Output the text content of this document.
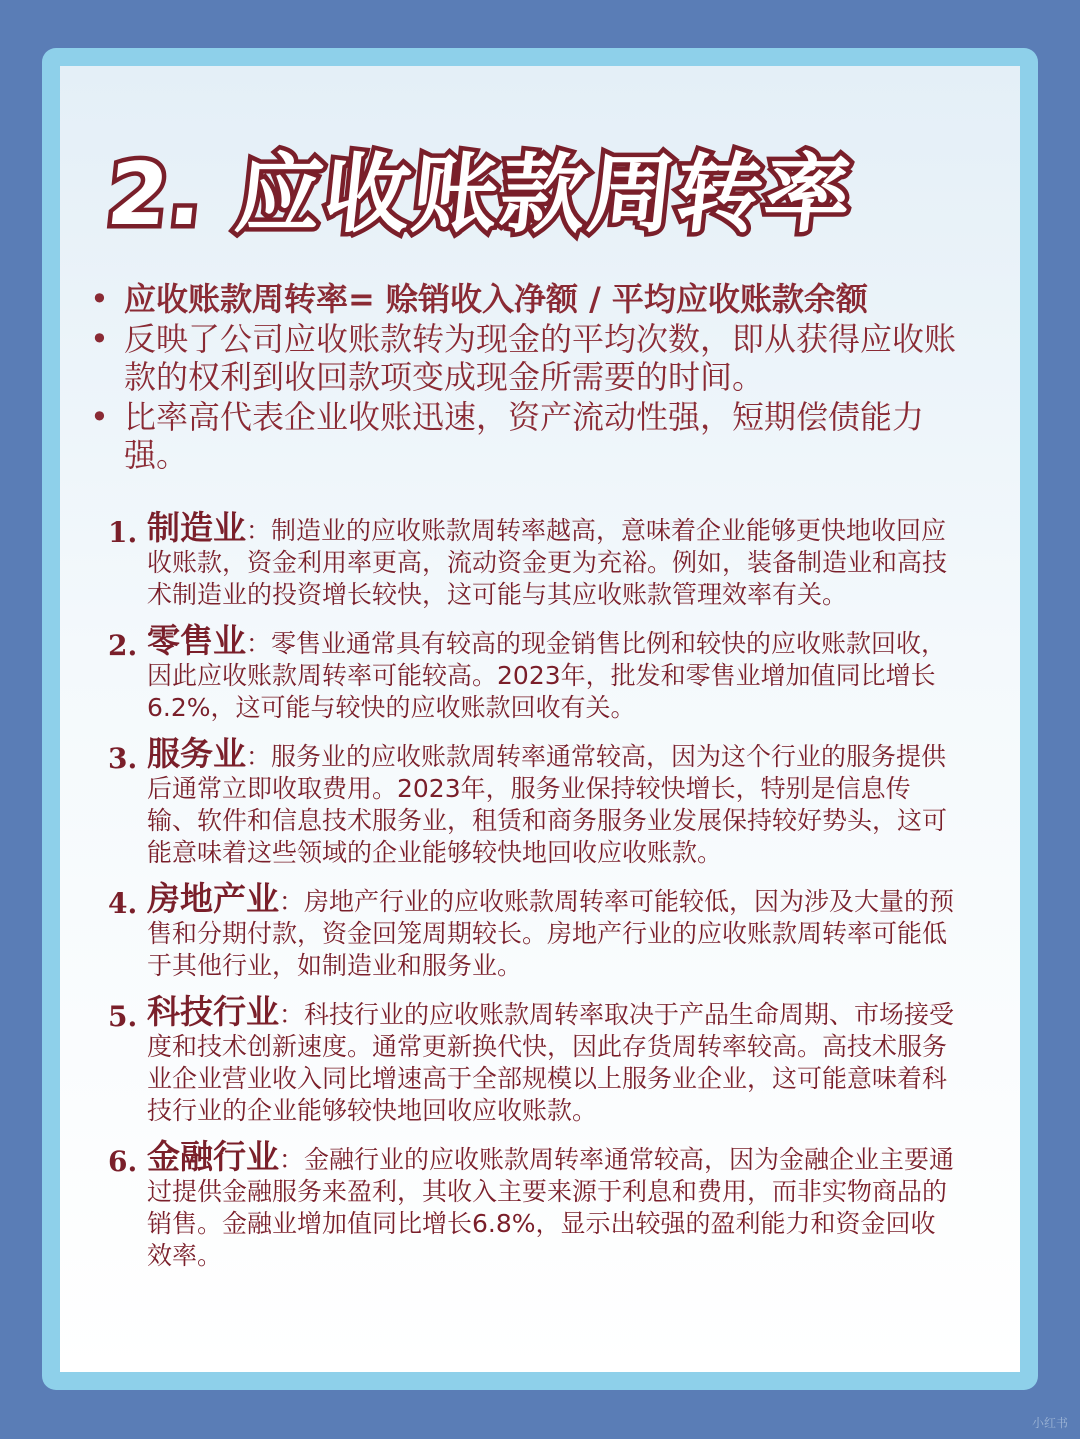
2. 应收账款周转率
• 应收账款周转率= 赊销收入净额 / 平均应收账款余额
• 反映了公司应收账款转为现金的平均次数，即从获得应收账款的权利到收回款项变成现金所需要的时间。
• 比率高代表企业收账迅速，资产流动性强，短期偿债能力强。
1. 制造业：制造业的应收账款周转率越高，意味着企业能够更快地收回应收账款，资金利用率更高，流动资金更为充裕。例如，装备制造业和高技术制造业的投资增长较快，这可能与其应收账款管理效率有关。
2. 零售业：零售业通常具有较高的现金销售比例和较快的应收账款回收，因此应收账款周转率可能较高。2023年，批发和零售业增加值同比增长6.2%，这可能与较快的应收账款回收有关。
3. 服务业：服务业的应收账款周转率通常较高，因为这个行业的服务提供后通常立即收取费用。2023年，服务业保持较快增长，特别是信息传输、软件和信息技术服务业，租赁和商务服务业发展保持较好势头，这可能意味着这些领域的企业能够较快地回收应收账款。
4. 房地产业：房地产行业的应收账款周转率可能较低，因为涉及大量的预售和分期付款，资金回笼周期较长。房地产行业的应收账款周转率可能低于其他行业，如制造业和服务业。
5. 科技行业：科技行业的应收账款周转率取决于产品生命周期、市场接受度和技术创新速度。通常更新换代快，因此存货周转率较高。高技术服务业企业营业收入同比增速高于全部规模以上服务业企业，这可能意味着科技行业的企业能够较快地回收应收账款。
6. 金融行业：金融行业的应收账款周转率通常较高，因为金融企业主要通过提供金融服务来盈利，其收入主要来源于利息和费用，而非实物商品的销售。金融业增加值同比增长6.8%，显示出较强的盈利能力和资金回收效率。
小红书
